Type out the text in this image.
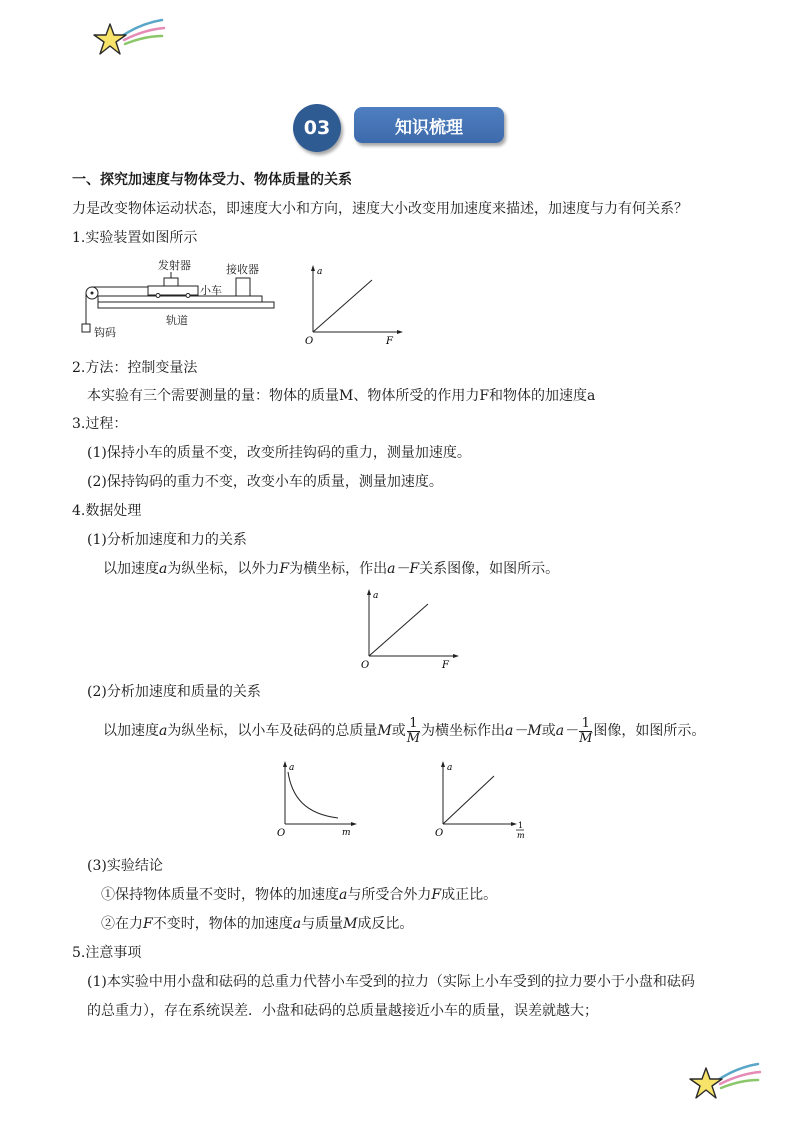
03	知识梳理
一、探究加速度与物体受力、物体质量的关系
力是改变物体运动状态，即速度大小和方向，速度大小改变用加速度来描述，加速度与力有何关系？
1.实验装置如图所示
发射器	接收器
小车
轨道
钩码
a
O	F
2.方法：控制变量法
本实验有三个需要测量的量：物体的质量M、物体所受的作用力F和物体的加速度a
3.过程：
(1)保持小车的质量不变，改变所挂钩码的重力，测量加速度。
(2)保持钩码的重力不变，改变小车的质量，测量加速度。
4.数据处理
(1)分析加速度和力的关系
以加速度a为纵坐标，以外力F为横坐标，作出a－F关系图像，如图所示。
a
O	F
(2)分析加速度和质量的关系
以加速度a为纵坐标，以小车及砝码的总质量M或 $\frac{1}{M}$ 为横坐标作出a－M或$a- \frac{1}{M}$ 图像，如图所示。
a
O	m
a
O
1
m
(3)实验结论
①保持物体质量不变时，物体的加速度a与所受合外力F成正比。
②在力F不变时，物体的加速度a与质量M成反比。
5.注意事项
(1)本实验中用小盘和砝码的总重力代替小车受到的拉力（实际上小车受到的拉力要小于小盘和砝码
的总重力），存在系统误差．小盘和砝码的总质量越接近小车的质量，误差就越大；
